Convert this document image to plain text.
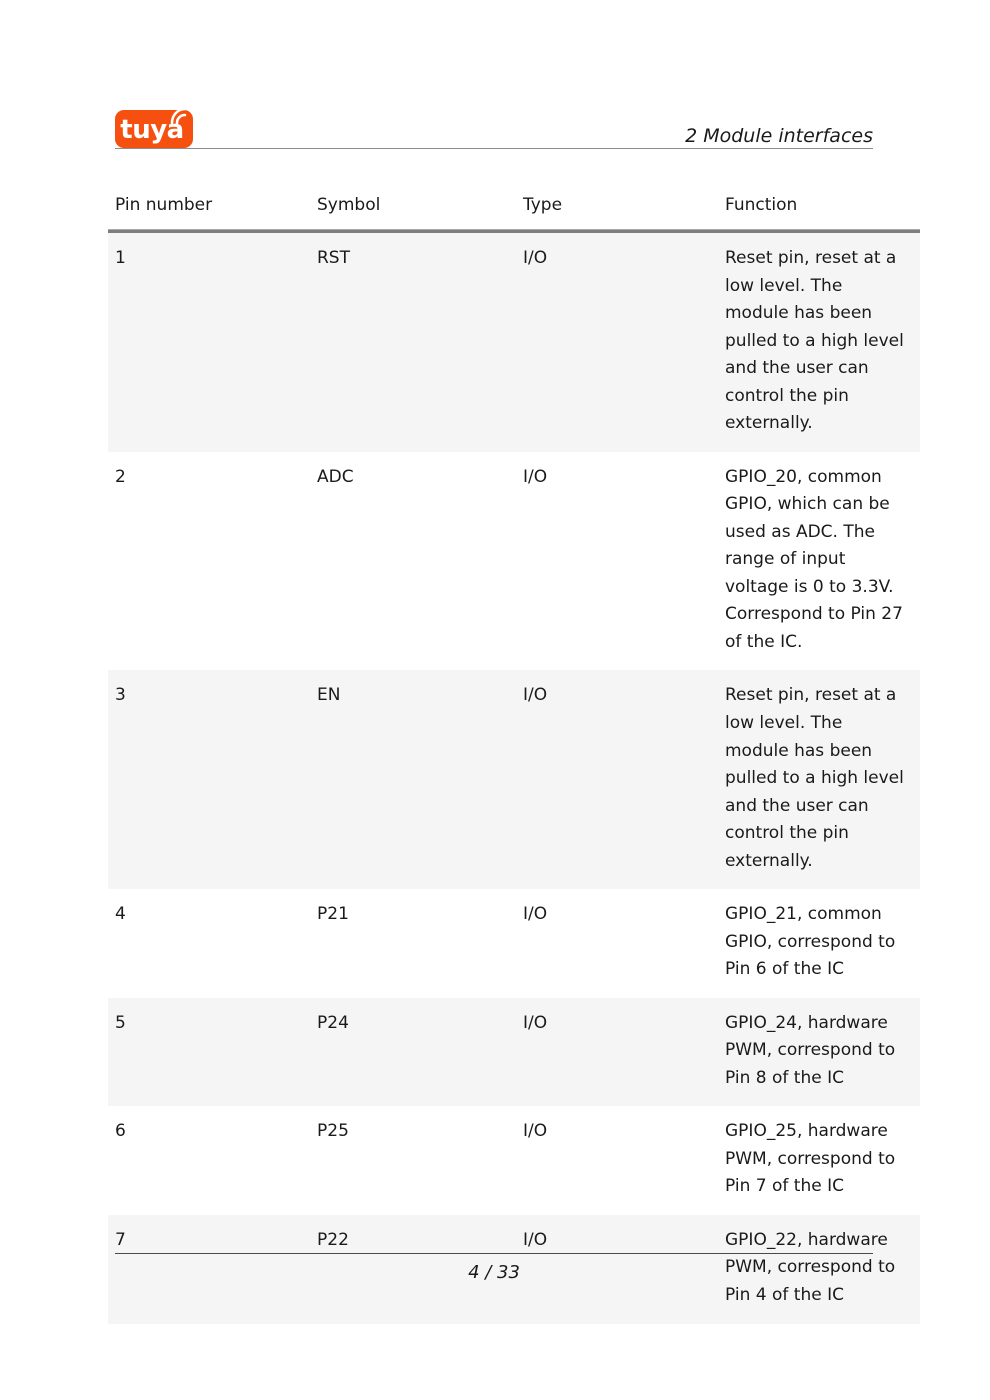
tuya	2 Module interfaces

Pin number	Symbol	Type	Function
1	RST	I/O	Reset pin, reset at a low level. The module has been pulled to a high level and the user can control the pin externally.
2	ADC	I/O	GPIO_20, common GPIO, which can be used as ADC. The range of input voltage is 0 to 3.3V. Correspond to Pin 27 of the IC.
3	EN	I/O	Reset pin, reset at a low level. The module has been pulled to a high level and the user can control the pin externally.
4	P21	I/O	GPIO_21, common GPIO, correspond to Pin 6 of the IC
5	P24	I/O	GPIO_24, hardware PWM, correspond to Pin 8 of the IC
6	P25	I/O	GPIO_25, hardware PWM, correspond to Pin 7 of the IC
7	P22	I/O	GPIO_22, hardware PWM, correspond to Pin 4 of the IC
4 / 33
